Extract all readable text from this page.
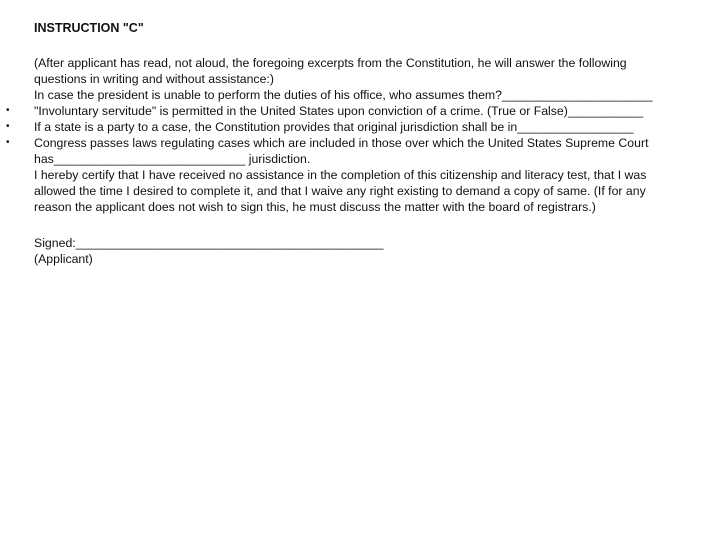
INSTRUCTION "C"
(After applicant has read, not aloud, the foregoing excerpts from the Constitution, he will answer the following
questions in writing and without assistance:)
In case the president is unable to perform the duties of his office, who assumes them?______________________
• "Involuntary servitude" is permitted in the United States upon conviction of a crime. (True or False)___________
• If a state is a party to a case, the Constitution provides that original jurisdiction shall be in_________________
• Congress passes laws regulating cases which are included in those over which the United States Supreme Court
has____________________________ jurisdiction.
I hereby certify that I have received no assistance in the completion of this citizenship and literacy test, that I was
allowed the time I desired to complete it, and that I waive any right existing to demand a copy of same. (If for any
reason the applicant does not wish to sign this, he must discuss the matter with the board of registrars.)
Signed:_____________________________________________
(Applicant)
